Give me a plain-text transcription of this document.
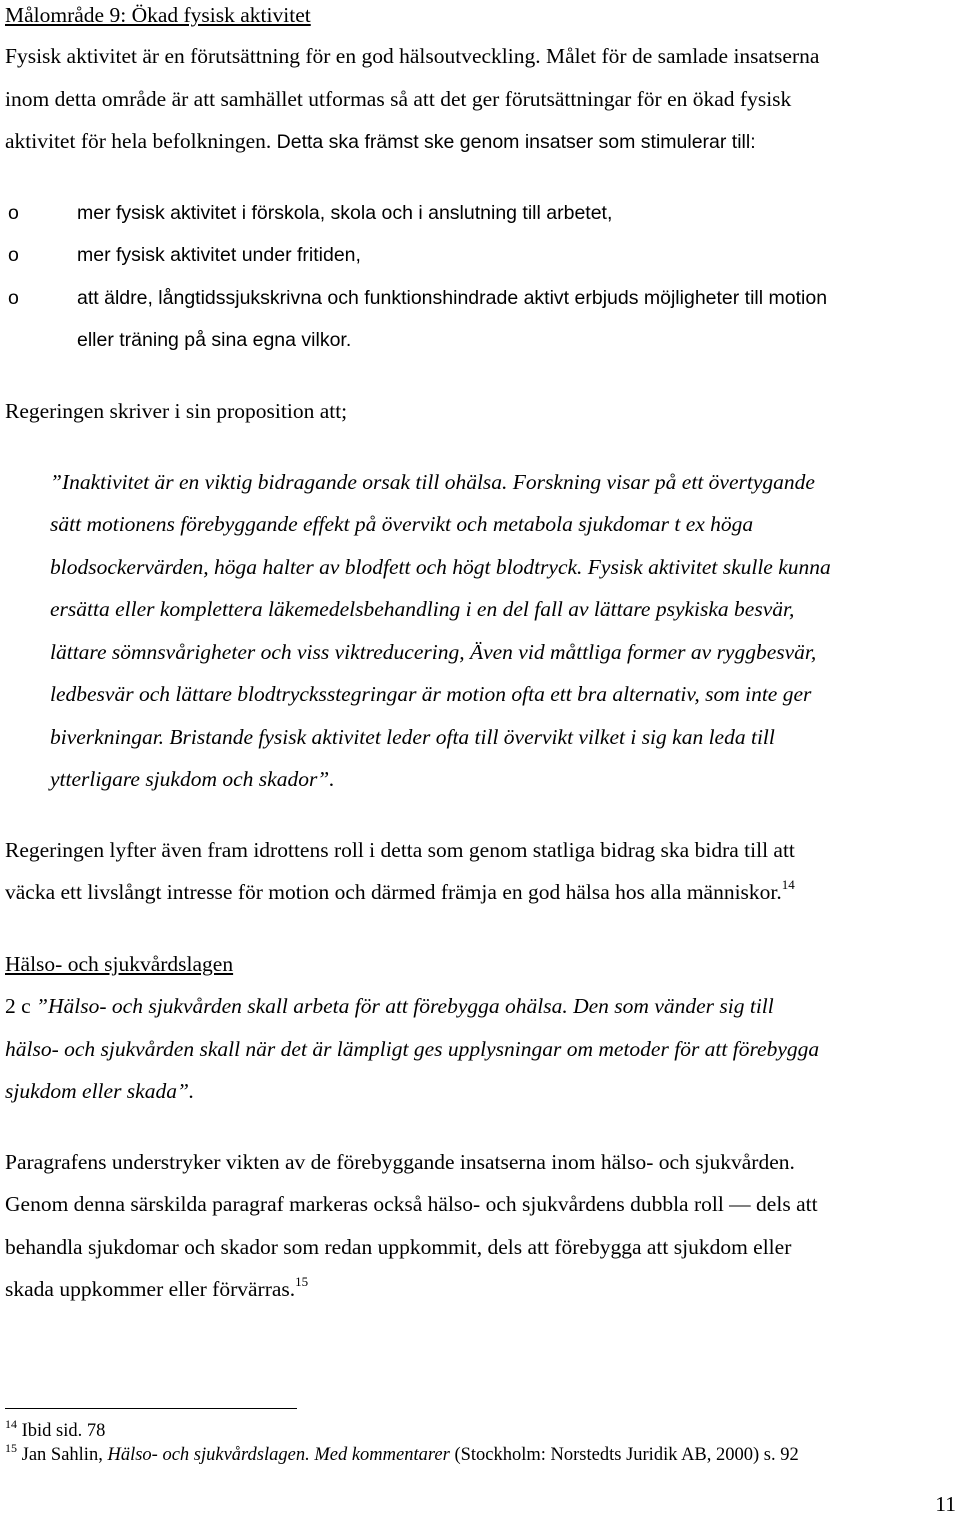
Målområde 9: Ökad fysisk aktivitet
Fysisk aktivitet är en förutsättning för en god hälsoutveckling. Målet för de samlade insatserna
inom detta område är att samhället utformas så att det ger förutsättningar för en ökad fysisk
aktivitet för hela befolkningen. Detta ska främst ske genom insatser som stimulerar till:
o	mer fysisk aktivitet i förskola, skola och i anslutning till arbetet,
o	mer fysisk aktivitet under fritiden,
o	att äldre, långtidssjukskrivna och funktionshindrade aktivt erbjuds möjligheter till motion
eller träning på sina egna vilkor.
Regeringen skriver i sin proposition att;
”Inaktivitet är en viktig bidragande orsak till ohälsa. Forskning visar på ett övertygande
sätt motionens förebyggande effekt på övervikt och metabola sjukdomar t ex höga
blodsockervärden, höga halter av blodfett och högt blodtryck. Fysisk aktivitet skulle kunna
ersätta eller komplettera läkemedelsbehandling i en del fall av lättare psykiska besvär,
lättare sömnsvårigheter och viss viktreducering, Även vid måttliga former av ryggbesvär,
ledbesvär och lättare blodtrycksstegringar är motion ofta ett bra alternativ, som inte ger
biverkningar. Bristande fysisk aktivitet leder ofta till övervikt vilket i sig kan leda till
ytterligare sjukdom och skador”.
Regeringen lyfter även fram idrottens roll i detta som genom statliga bidrag ska bidra till att
väcka ett livslångt intresse för motion och därmed främja en god hälsa hos alla människor.$^{14}$
Hälso- och sjukvårdslagen
2 c ”Hälso- och sjukvården skall arbeta för att förebygga ohälsa. Den som vänder sig till
hälso- och sjukvården skall när det är lämpligt ges upplysningar om metoder för att förebygga
sjukdom eller skada”.
Paragrafens understryker vikten av de förebyggande insatserna inom hälso- och sjukvården.
Genom denna särskilda paragraf markeras också hälso- och sjukvårdens dubbla roll — dels att
behandla sjukdomar och skador som redan uppkommit, dels att förebygga att sjukdom eller
skada uppkommer eller förvärras.$^{15}$
$^{14}$ Ibid sid. 78
$^{15}$ Jan Sahlin, Hälso- och sjukvårdslagen. Med kommentarer (Stockholm: Norstedts Juridik AB, 2000) s. 92
11
